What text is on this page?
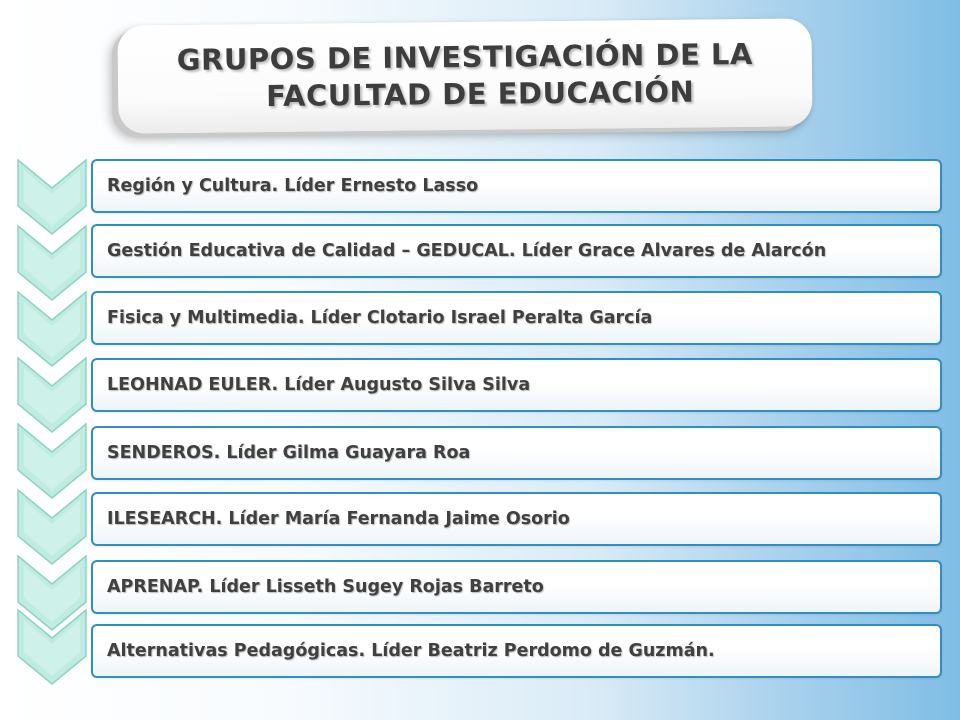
GRUPOS DE INVESTIGACIÓN DE LA
FACULTAD DE EDUCACIÓN
Región y Cultura. Líder Ernesto Lasso
Gestión Educativa de Calidad – GEDUCAL. Líder Grace Alvares de Alarcón
Fisica y Multimedia. Líder Clotario Israel Peralta García
LEOHNAD EULER. Líder Augusto Silva Silva
SENDEROS. Líder Gilma Guayara Roa
ILESEARCH. Líder María Fernanda Jaime Osorio
APRENAP. Líder Lisseth Sugey Rojas Barreto
Alternativas Pedagógicas. Líder Beatriz Perdomo de Guzmán.
